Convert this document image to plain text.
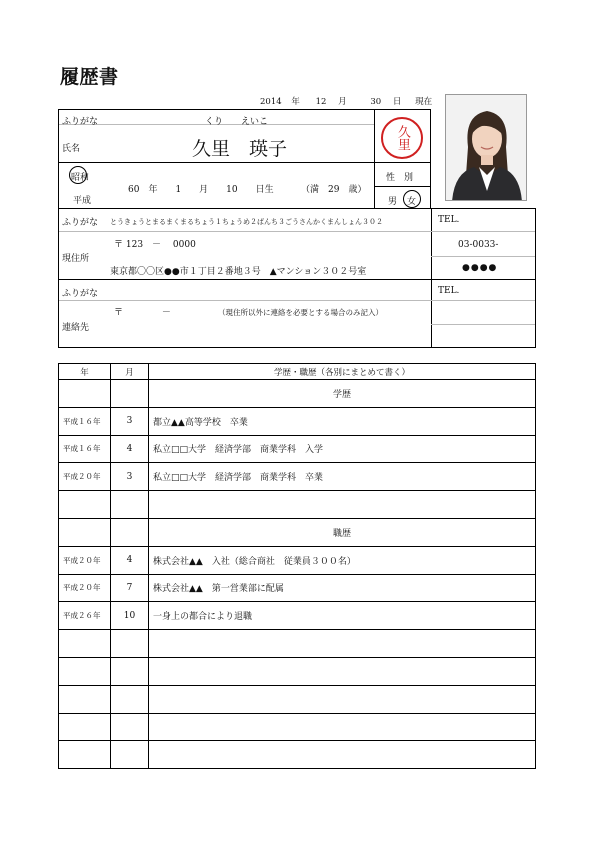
履歴書
2014 年 12 月	30 日 現在
ふりがな	くり　　えいこ
氏名	久里　瑛子	久里
昭和
平成
60　年　　1　　月　　10　　日生	（満　29　歳）
性　別
男 女
ふりがな とうきょうとまるまくまるちょう１ちょうめ２ばんち３ごうさんかくまんしょん３０２
〒 123　－　 0000
現住所
東京都〇〇区●●市１丁目２番地３号　▲マンション３０２号室
TEL.
03-0033-
●●●●
ふりがな
〒　　　　 －	（現住所以外に連絡を必要とする場合のみ記入）
連絡先
TEL.
年	月	学歴・職歴（各別にまとめて書く）
		学歴
平成１６年	3	都立▲▲高等学校　卒業
平成１６年	4	私立□□大学　経済学部　商業学科　入学
平成２０年	3	私立□□大学　経済学部　商業学科　卒業

		職歴
平成２０年	4	株式会社▲▲　入社（総合商社　従業員３００名）
平成２０年	7	株式会社▲▲　第一営業部に配属
平成２６年	10	一身上の都合により退職
